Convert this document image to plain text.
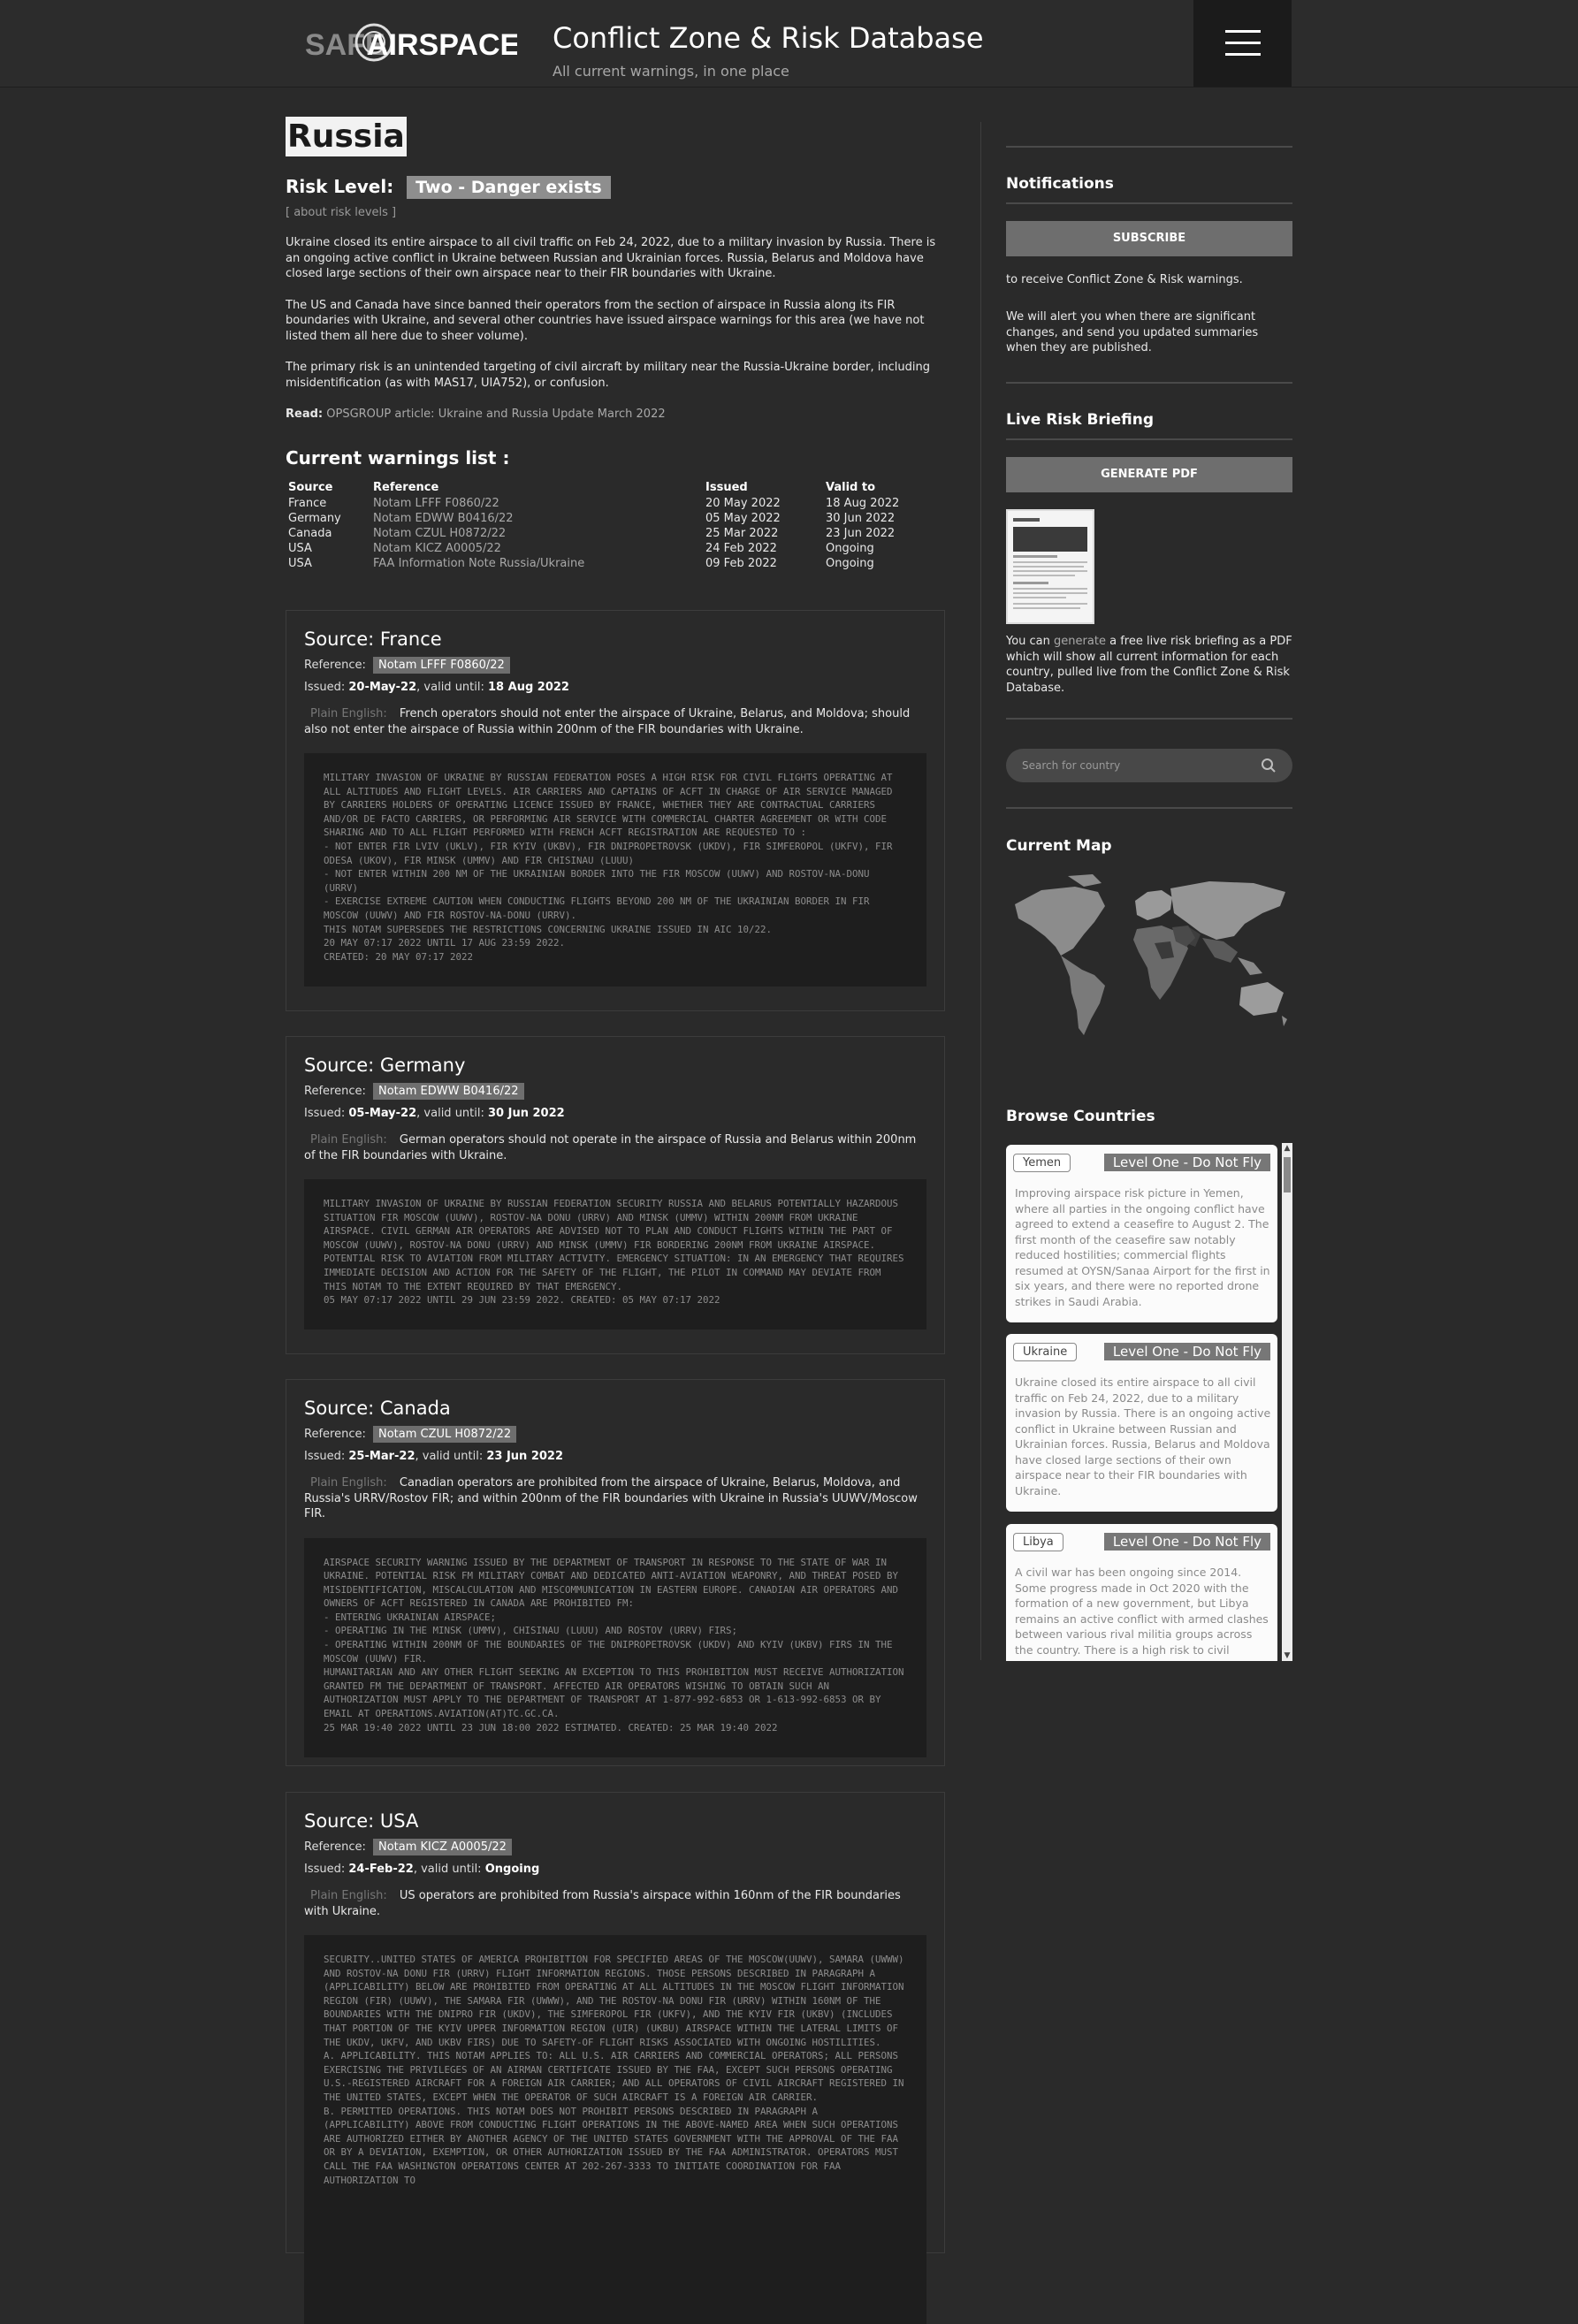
SAFE
AIRSPACE Conflict Zone & Risk Database
All current warnings, in one place
Russia
Risk Level: Two - Danger exists
[ about risk levels ]

Ukraine closed its entire airspace to all civil traffic on Feb 24, 2022, due to a military invasion by Russia. There is an ongoing active conflict in Ukraine between Russian and Ukrainian forces. Russia, Belarus and Moldova have closed large sections of their own airspace near to their FIR boundaries with Ukraine.

The US and Canada have since banned their operators from the section of airspace in Russia along its FIR boundaries with Ukraine, and several other countries have issued airspace warnings for this area (we have not listed them all here due to sheer volume).

The primary risk is an unintended targeting of civil aircraft by military near the Russia-Ukraine border, including misidentification (as with MAS17, UIA752), or confusion.

Read: OPSGROUP article: Ukraine and Russia Update March 2022

Current warnings list :
Source	Reference	Issued	Valid to
France	Notam LFFF F0860/22	20 May 2022	18 Aug 2022
Germany	Notam EDWW B0416/22	05 May 2022	30 Jun 2022
Canada	Notam CZUL H0872/22	25 Mar 2022	23 Jun 2022
USA	Notam KICZ A0005/22	24 Feb 2022	Ongoing
USA	FAA Information Note Russia/Ukraine	09 Feb 2022	Ongoing
Source: France
Reference: Notam LFFF F0860/22
Issued: 20-May-22, valid until: 18 Aug 2022
Plain English: French operators should not enter the airspace of Ukraine, Belarus, and Moldova; should also not enter the airspace of Russia within 200nm of the FIR boundaries with Ukraine.
MILITARY INVASION OF UKRAINE BY RUSSIAN FEDERATION POSES A HIGH RISK FOR CIVIL FLIGHTS OPERATING AT ALL ALTITUDES AND FLIGHT LEVELS. AIR CARRIERS AND CAPTAINS OF ACFT IN CHARGE OF AIR SERVICE MANAGED BY CARRIERS HOLDERS OF OPERATING LICENCE ISSUED BY FRANCE, WHETHER THEY ARE CONTRACTUAL CARRIERS AND/OR DE FACTO CARRIERS, OR PERFORMING AIR SERVICE WITH COMMERCIAL CHARTER AGREEMENT OR WITH CODE SHARING AND TO ALL FLIGHT PERFORMED WITH FRENCH ACFT REGISTRATION ARE REQUESTED TO :
- NOT ENTER FIR LVIV (UKLV), FIR KYIV (UKBV), FIR DNIPROPETROVSK (UKDV), FIR SIMFEROPOL (UKFV), FIR ODESA (UKOV), FIR MINSK (UMMV) AND FIR CHISINAU (LUUU)
- NOT ENTER WITHIN 200 NM OF THE UKRAINIAN BORDER INTO THE FIR MOSCOW (UUWV) AND ROSTOV-NA-DONU (URRV)
- EXERCISE EXTREME CAUTION WHEN CONDUCTING FLIGHTS BEYOND 200 NM OF THE UKRAINIAN BORDER IN FIR MOSCOW (UUWV) AND FIR ROSTOV-NA-DONU (URRV).
THIS NOTAM SUPERSEDES THE RESTRICTIONS CONCERNING UKRAINE ISSUED IN AIC 10/22.
20 MAY 07:17 2022 UNTIL 17 AUG 23:59 2022.
CREATED: 20 MAY 07:17 2022
Source: Germany
Reference: Notam EDWW B0416/22
Issued: 05-May-22, valid until: 30 Jun 2022
Plain English: German operators should not operate in the airspace of Russia and Belarus within 200nm of the FIR boundaries with Ukraine.
MILITARY INVASION OF UKRAINE BY RUSSIAN FEDERATION SECURITY RUSSIA AND BELARUS POTENTIALLY HAZARDOUS SITUATION FIR MOSCOW (UUWV), ROSTOV-NA DONU (URRV) AND MINSK (UMMV) WITHIN 200NM FROM UKRAINE AIRSPACE. CIVIL GERMAN AIR OPERATORS ARE ADVISED NOT TO PLAN AND CONDUCT FLIGHTS WITHIN THE PART OF MOSCOW (UUWV), ROSTOV-NA DONU (URRV) AND MINSK (UMMV) FIR BORDERING 200NM FROM UKRAINE AIRSPACE. POTENTIAL RISK TO AVIATION FROM MILITARY ACTIVITY. EMERGENCY SITUATION: IN AN EMERGENCY THAT REQUIRES IMMEDIATE DECISION AND ACTION FOR THE SAFETY OF THE FLIGHT, THE PILOT IN COMMAND MAY DEVIATE FROM THIS NOTAM TO THE EXTENT REQUIRED BY THAT EMERGENCY.
05 MAY 07:17 2022 UNTIL 29 JUN 23:59 2022. CREATED: 05 MAY 07:17 2022
Source: Canada
Reference: Notam CZUL H0872/22
Issued: 25-Mar-22, valid until: 23 Jun 2022
Plain English: Canadian operators are prohibited from the airspace of Ukraine, Belarus, Moldova, and Russia's URRV/Rostov FIR; and within 200nm of the FIR boundaries with Ukraine in Russia's UUWV/Moscow FIR.
AIRSPACE SECURITY WARNING ISSUED BY THE DEPARTMENT OF TRANSPORT IN RESPONSE TO THE STATE OF WAR IN UKRAINE. POTENTIAL RISK FM MILITARY COMBAT AND DEDICATED ANTI-AVIATION WEAPONRY, AND THREAT POSED BY MISIDENTIFICATION, MISCALCULATION AND MISCOMMUNICATION IN EASTERN EUROPE. CANADIAN AIR OPERATORS AND OWNERS OF ACFT REGISTERED IN CANADA ARE PROHIBITED FM:
- ENTERING UKRAINIAN AIRSPACE;
- OPERATING IN THE MINSK (UMMV), CHISINAU (LUUU) AND ROSTOV (URRV) FIRS;
- OPERATING WITHIN 200NM OF THE BOUNDARIES OF THE DNIPROPETROVSK (UKDV) AND KYIV (UKBV) FIRS IN THE MOSCOW (UUWV) FIR.
HUMANITARIAN AND ANY OTHER FLIGHT SEEKING AN EXCEPTION TO THIS PROHIBITION MUST RECEIVE AUTHORIZATION GRANTED FM THE DEPARTMENT OF TRANSPORT. AFFECTED AIR OPERATORS WISHING TO OBTAIN SUCH AN AUTHORIZATION MUST APPLY TO THE DEPARTMENT OF TRANSPORT AT 1-877-992-6853 OR 1-613-992-6853 OR BY EMAIL AT OPERATIONS.AVIATION(AT)TC.GC.CA.
25 MAR 19:40 2022 UNTIL 23 JUN 18:00 2022 ESTIMATED. CREATED: 25 MAR 19:40 2022
Source: USA
Reference: Notam KICZ A0005/22
Issued: 24-Feb-22, valid until: Ongoing
Plain English: US operators are prohibited from Russia's airspace within 160nm of the FIR boundaries with Ukraine.
SECURITY..UNITED STATES OF AMERICA PROHIBITION FOR SPECIFIED AREAS OF THE MOSCOW(UUWV), SAMARA (UWWW) AND ROSTOV-NA DONU FIR (URRV) FLIGHT INFORMATION REGIONS. THOSE PERSONS DESCRIBED IN PARAGRAPH A (APPLICABILITY) BELOW ARE PROHIBITED FROM OPERATING AT ALL ALTITUDES IN THE MOSCOW FLIGHT INFORMATION REGION (FIR) (UUWV), THE SAMARA FIR (UWWW), AND THE ROSTOV-NA DONU FIR (URRV) WITHIN 160NM OF THE BOUNDARIES WITH THE DNIPRO FIR (UKDV), THE SIMFEROPOL FIR (UKFV), AND THE KYIV FIR (UKBV) (INCLUDES THAT PORTION OF THE KYIV UPPER INFORMATION REGION (UIR) (UKBU) AIRSPACE WITHIN THE LATERAL LIMITS OF THE UKDV, UKFV, AND UKBV FIRS) DUE TO SAFETY-OF FLIGHT RISKS ASSOCIATED WITH ONGOING HOSTILITIES.
A. APPLICABILITY. THIS NOTAM APPLIES TO: ALL U.S. AIR CARRIERS AND COMMERCIAL OPERATORS; ALL PERSONS EXERCISING THE PRIVILEGES OF AN AIRMAN CERTIFICATE ISSUED BY THE FAA, EXCEPT SUCH PERSONS OPERATING U.S.-REGISTERED AIRCRAFT FOR A FOREIGN AIR CARRIER; AND ALL OPERATORS OF CIVIL AIRCRAFT REGISTERED IN THE UNITED STATES, EXCEPT WHEN THE OPERATOR OF SUCH AIRCRAFT IS A FOREIGN AIR CARRIER.
B. PERMITTED OPERATIONS. THIS NOTAM DOES NOT PROHIBIT PERSONS DESCRIBED IN PARAGRAPH A (APPLICABILITY) ABOVE FROM CONDUCTING FLIGHT OPERATIONS IN THE ABOVE-NAMED AREA WHEN SUCH OPERATIONS ARE AUTHORIZED EITHER BY ANOTHER AGENCY OF THE UNITED STATES GOVERNMENT WITH THE APPROVAL OF THE FAA OR BY A DEVIATION, EXEMPTION, OR OTHER AUTHORIZATION ISSUED BY THE FAA ADMINISTRATOR. OPERATORS MUST CALL THE FAA WASHINGTON OPERATIONS CENTER AT 202-267-3333 TO INITIATE COORDINATION FOR FAA AUTHORIZATION TO
Notifications
SUBSCRIBE
to receive Conflict Zone & Risk warnings.
We will alert you when there are significant changes, and send you updated summaries when they are published.
Live Risk Briefing
GENERATE PDF
You can generate a free live risk briefing as a PDF which will show all current information for each country, pulled live from the Conflict Zone & Risk Database.
Search for country
Current Map
Browse Countries
Yemen	Level One - Do Not Fly
Improving airspace risk picture in Yemen, where all parties in the ongoing conflict have agreed to extend a ceasefire to August 2. The first month of the ceasefire saw notably reduced hostilities; commercial flights resumed at OYSN/Sanaa Airport for the first in six years, and there were no reported drone strikes in Saudi Arabia.
Ukraine	Level One - Do Not Fly
Ukraine closed its entire airspace to all civil traffic on Feb 24, 2022, due to a military invasion by Russia. There is an ongoing active conflict in Ukraine between Russian and Ukrainian forces. Russia, Belarus and Moldova have closed large sections of their own airspace near to their FIR boundaries with Ukraine.
Libya	Level One - Do Not Fly
A civil war has been ongoing since 2014. Some progress made in Oct 2020 with the formation of a new government, but Libya remains an active conflict with armed clashes between various rival militia groups across the country. There is a high risk to civil
▲
▼
